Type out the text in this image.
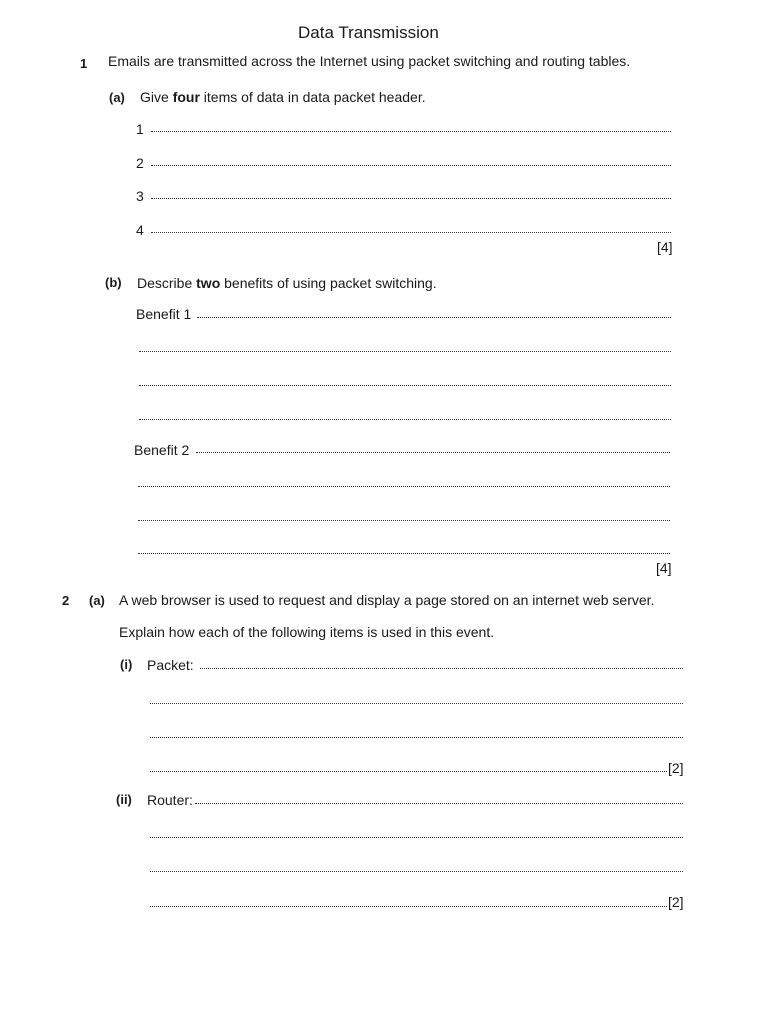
Data Transmission
1 Emails are transmitted across the Internet using packet switching and routing tables.
(a) Give four items of data in data packet header.
1
2
3
4
[4]
(b) Describe two benefits of using packet switching.
Benefit 1
Benefit 2
[4]
2 (a) A web browser is used to request and display a page stored on an internet web server.
Explain how each of the following items is used in this event.
(i) Packet:
[2]
(ii) Router:
[2]
